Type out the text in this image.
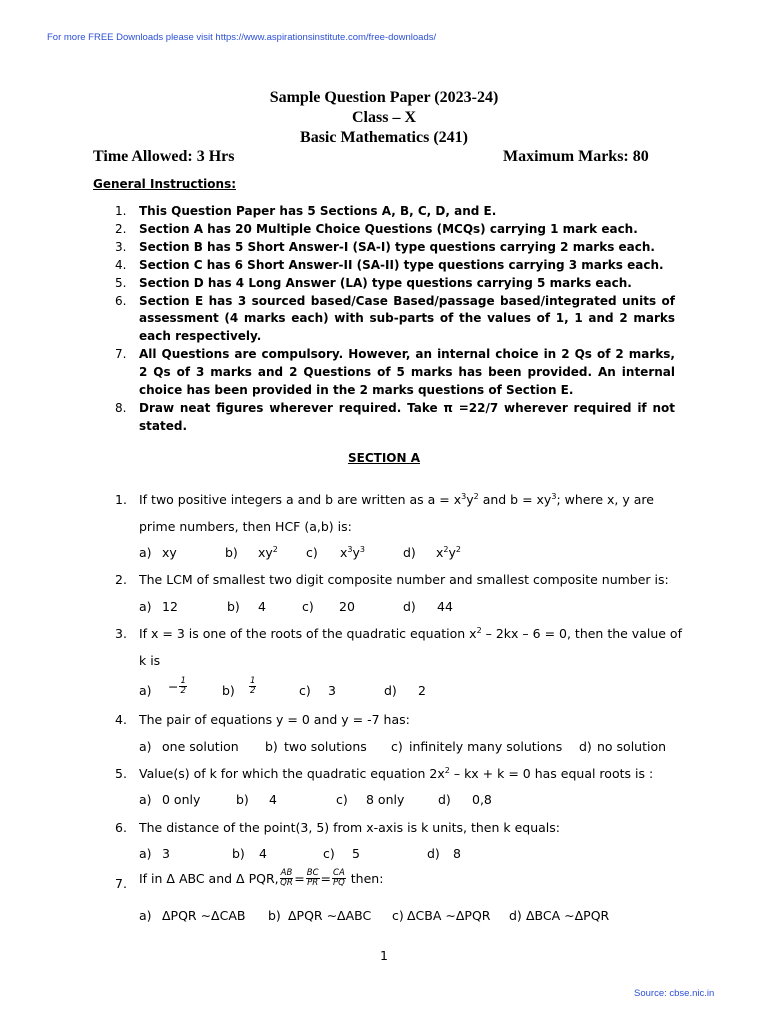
For more FREE Downloads please visit https://www.aspirationsinstitute.com/free-downloads/
Sample Question Paper (2023-24)
Class – X
Basic Mathematics (241)
Time Allowed: 3 Hrs	Maximum Marks: 80
General Instructions:
1. This Question Paper has 5 Sections A, B, C, D, and E.
2. Section A has 20 Multiple Choice Questions (MCQs) carrying 1 mark each.
3. Section B has 5 Short Answer-I (SA-I) type questions carrying 2 marks each.
4. Section C has 6 Short Answer-II (SA-II) type questions carrying 3 marks each.
5. Section D has 4 Long Answer (LA) type questions carrying 5 marks each.
6. Section E has 3 sourced based/Case Based/passage based/integrated units of assessment (4 marks each) with sub-parts of the values of 1, 1 and 2 marks each respectively.
7. All Questions are compulsory. However, an internal choice in 2 Qs of 2 marks, 2 Qs of 3 marks and 2 Questions of 5 marks has been provided. An internal choice has been provided in the 2 marks questions of Section E.
8. Draw neat figures wherever required. Take π =22/7 wherever required if not stated.
SECTION A
1. If two positive integers a and b are written as $a = x^3y^2$ and $b = xy^3$; where x, y are
prime numbers, then HCF (a,b) is:
a) xy	b) $xy^2$ c) $x^3y^3$	d) $x^2y^2$
2. The LCM of smallest two digit composite number and smallest composite number is:
a) 12	b) 4	c) 20	d) 44
3. If x = 3 is one of the roots of the quadratic equation $x^2 - 2kx - 6 = 0$, then the value of
k is
$a) - \frac{1}{2}$	$b) \frac{1}{2}$	c) 3	d) 2
4. The pair of equations y = 0 and y = -7 has:
a) one solution b) two solutions c) infinitely many solutions d) no solution
5. Value(s) of k for which the quadratic equation $2x^2$ – kx + k = 0 has equal roots is :
a) 0 only	b) 4	c) 8 only	d) 0,8
6. The distance of the point(3, 5) from x-axis is k units, then k equals:
a) 3	b) 4	c) 5	d) 8
7. If in Δ ABC and Δ PQR, $\frac{AB}{QR} = \frac{BC}{PR} = \frac{CA}{PQ}$ then:
a) ΔPQR ∼ΔCAB b) ΔPQR ∼ΔABC c) ΔCBA ∼ΔPQR d) ΔBCA ∼ΔPQR
1
Source: cbse.nic.in
